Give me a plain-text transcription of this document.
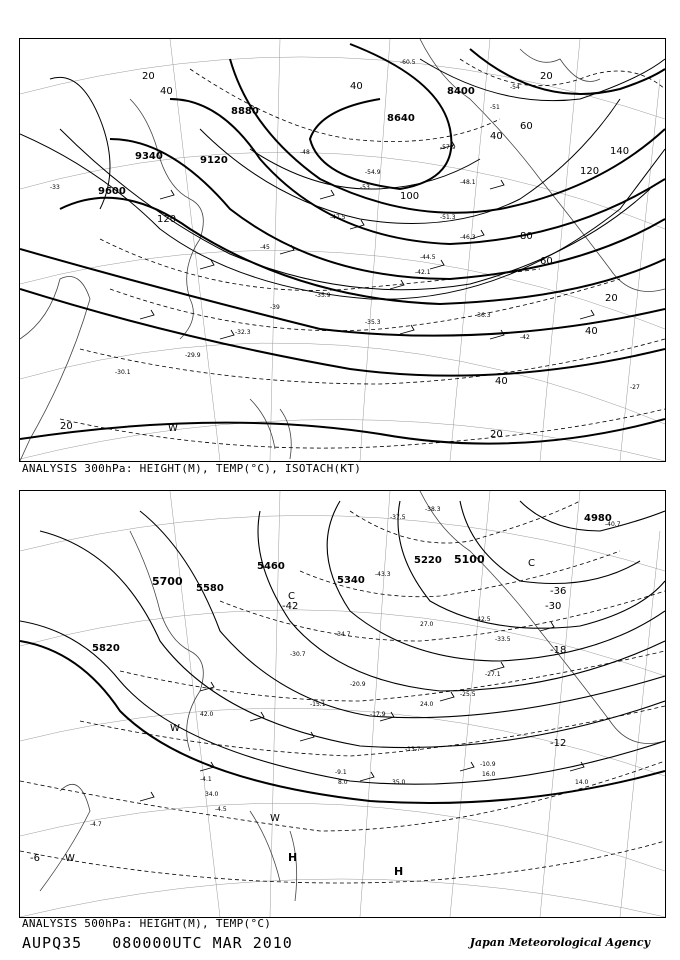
9600
9340	9120
8880
8640
8400
20
40
60
80
100
120
140
20
20
40
20
40	40
20
40
60
120
-29.9
-30.1
-32.3
-35.3
-36.3
-35.9
-42.1
-44.5
-46.3
-47.5
-48.1
-51.3
-53
-54.9
-57.9
-60.5
-33
-39
-42
-45
-48
-51
-54
-27
W
ANALYSIS 300hPa: HEIGHT(M), TEMP(°C), ISOTACH(KT)
5820
5700
5580
5460
5340
5220 5100
4980
-6
-12
-18
-30
-36
-42
-4.7
-4.1
-4.5
-9.1
-10.9
-13.7
-15.1
-17.9
-20.9
-25.5
-27.1
-30.7
-33.5
-34.7
-37.5
-38.3
-40.7
-42.5
-43.3
42.0
34.0
35.0
16.0
14.0
8.0
27.0
24.0
H
H
C
C
W
W
W
ANALYSIS 500hPa: HEIGHT(M), TEMP(°C)
AUPQ35 080000UTC MAR 2010	Japan Meteorological Agency
